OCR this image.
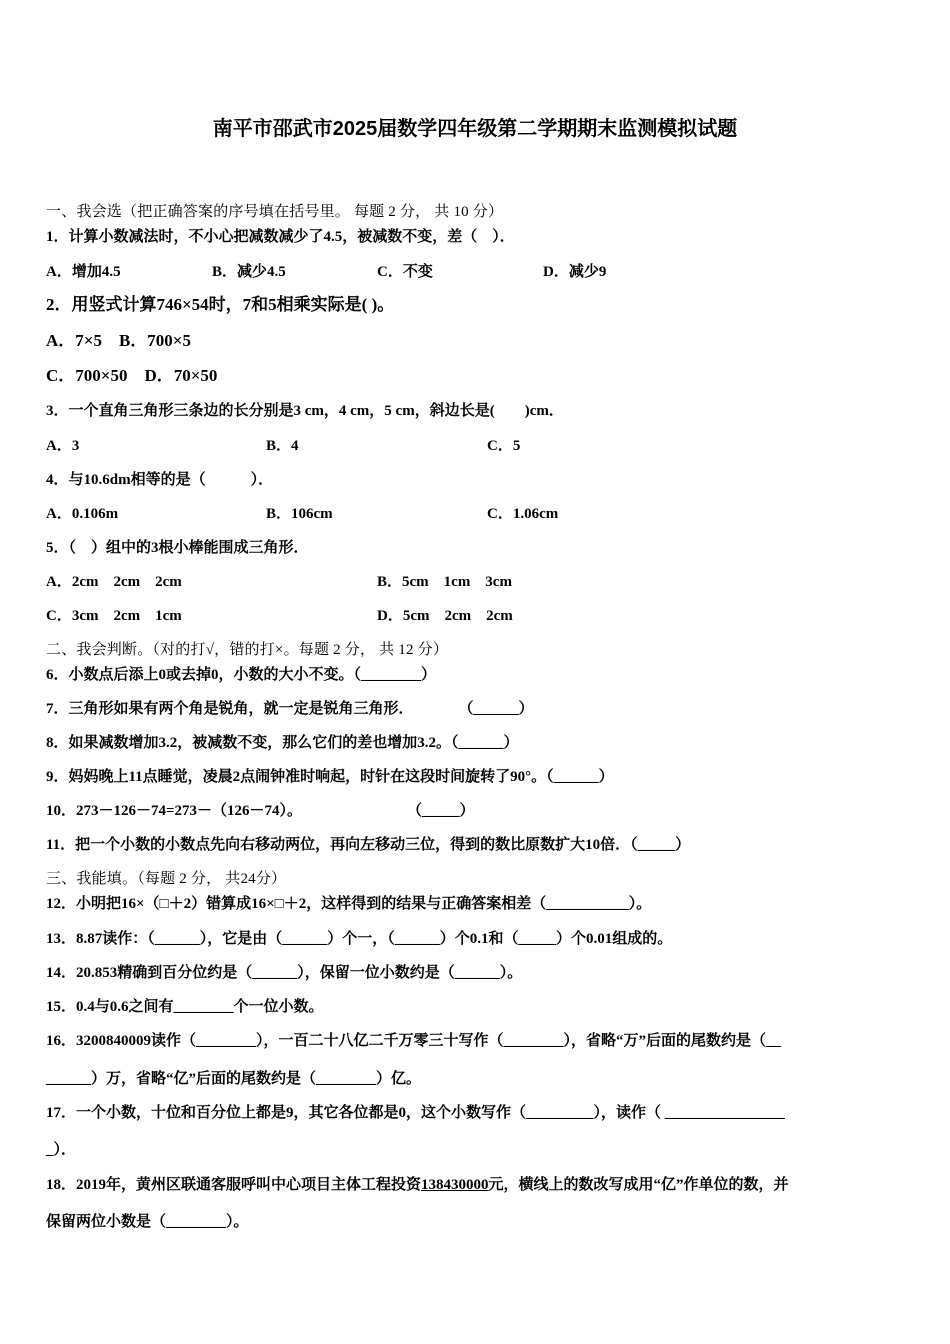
南平市邵武市2025届数学四年级第二学期期末监测模拟试题
一、我会选（把正确答案的序号填在括号里。 每题 2 分， 共 10 分）
1．计算小数减法时，不小心把减数减少了4.5，被减数不变，差（　）．
A．增加4.5	B．减少4.5	C．不变	D．减少9
2．用竖式计算746×54时，7和5相乘实际是( )。
A．7×5　B．700×5
C．700×50　D．70×50
3．一个直角三角形三条边的长分别是3 cm，4 cm，5 cm，斜边长是(　　)cm．
A．3	B．4	C．5
4．与10.6dm相等的是（　　　）．
A．0.106m	B．106cm	C．1.06cm
5．（　）组中的3根小棒能围成三角形．
A．2cm　2cm　2cm	B．5cm　1cm　3cm
C．3cm　2cm　1cm	D．5cm　2cm　2cm
二、我会判断。（对的打√，错的打×。每题 2 分， 共 12 分）
6．小数点后添上0或去掉0，小数的大小不变。（________）
7．三角形如果有两个角是锐角，就一定是锐角三角形．　　　　（______）
8．如果减数增加3.2，被减数不变，那么它们的差也增加3.2。（______）
9．妈妈晚上11点睡觉，凌晨2点闹钟准时响起，时针在这段时间旋转了90°。（______）
10．273－126－74=273－（126－74）。　　　　　　　　（_____）
11．把一个小数的小数点先向右移动两位，再向左移动三位，得到的数比原数扩大10倍．（_____）
三、我能填。（每题 2 分， 共24分）
12．小明把16×（□＋2）错算成16×□＋2，这样得到的结果与正确答案相差（___________）。
13．8.87读作：（______），它是由（______）个一，（______）个0.1和（_____）个0.01组成的。
14．20.853精确到百分位约是（______），保留一位小数约是（______）。
15．0.4与0.6之间有________个一位小数。
16．3200840009读作（________），一百二十八亿二千万零三十写作（________），省略“万”后面的尾数约是（__
______）万，省略“亿”后面的尾数约是（________）亿。
17．一个小数，十位和百分位上都是9，其它各位都是0，这个小数写作（_________），读作（ ________________
_）．
18．2019年，黄州区联通客服呼叫中心项目主体工程投资138430000元，横线上的数改写成用“亿”作单位的数，并
保留两位小数是（________）。
